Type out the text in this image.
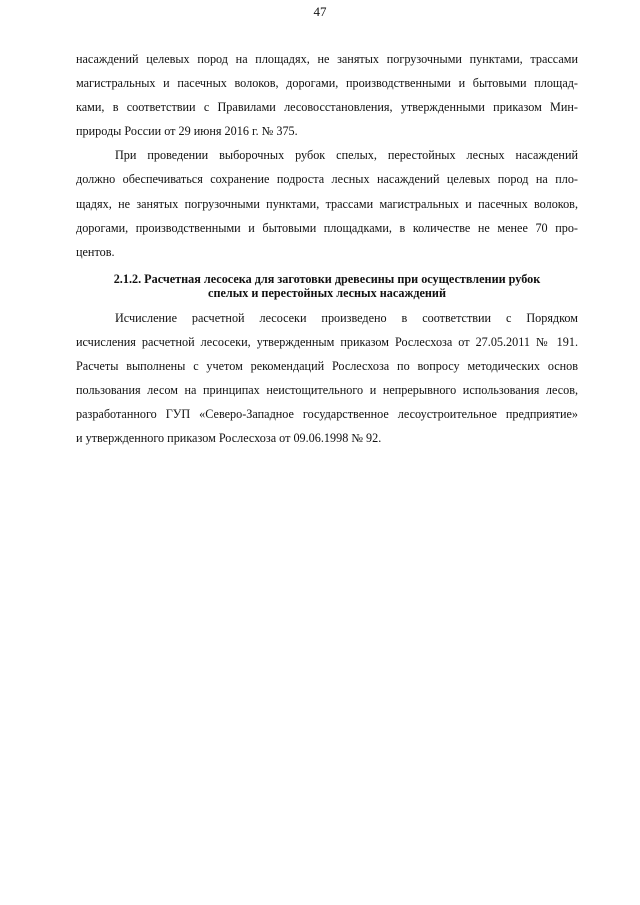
47
насаждений целевых пород на площадях, не занятых погрузочными пунктами, трассами
магистральных и пасечных волоков, дорогами, производственными и бытовыми площад-
ками, в соответствии с Правилами лесовосстановления, утвержденными приказом Мин-
природы России от 29 июня 2016 г. № 375.
При проведении выборочных рубок спелых, перестойных лесных насаждений
должно обеспечиваться сохранение подроста лесных насаждений целевых пород на пло-
щадях, не занятых погрузочными пунктами, трассами магистральных и пасечных волоков,
дорогами, производственными и бытовыми площадками, в количестве не менее 70 про-
центов.
2.1.2. Расчетная лесосека для заготовки древесины при осуществлении рубок
спелых и перестойных лесных насаждений
Исчисление расчетной лесосеки произведено в соответствии с Порядком
исчисления расчетной лесосеки, утвержденным приказом Рослесхоза от 27.05.2011 № 191.
Расчеты выполнены с учетом рекомендаций Рослесхоза по вопросу методических основ
пользования лесом на принципах неистощительного и непрерывного использования лесов,
разработанного ГУП «Северо-Западное государственное лесоустроительное предприятие»
и утвержденного приказом Рослесхоза от 09.06.1998 № 92.
